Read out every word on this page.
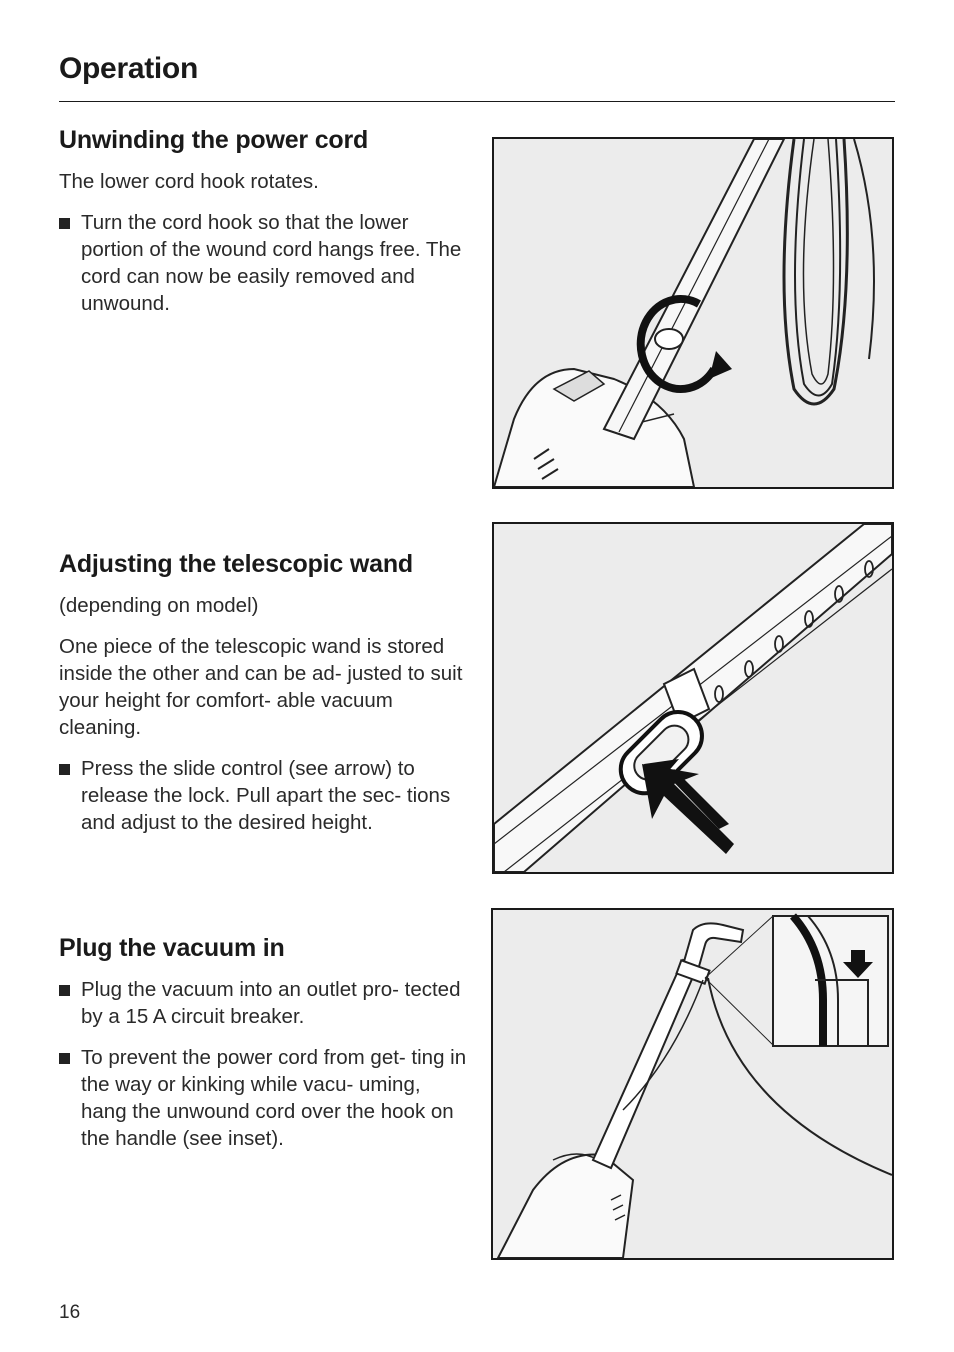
Operation
Unwinding the power cord

The lower cord hook rotates.

Turn the cord hook so that the lower portion of the wound cord hangs free. The cord can now be easily removed and unwound.
Adjusting the telescopic wand

(depending on model)

One piece of the telescopic wand is stored inside the other and can be ad- justed to suit your height for comfort- able vacuum cleaning.

Press the slide control (see arrow) to release the lock. Pull apart the sec- tions and adjust to the desired height.
Plug the vacuum in
Plug the vacuum into an outlet pro- tected by a 15 A circuit breaker.
To prevent the power cord from get- ting in the way or kinking while vacu- uming, hang the unwound cord over the hook on the handle (see inset).
16
